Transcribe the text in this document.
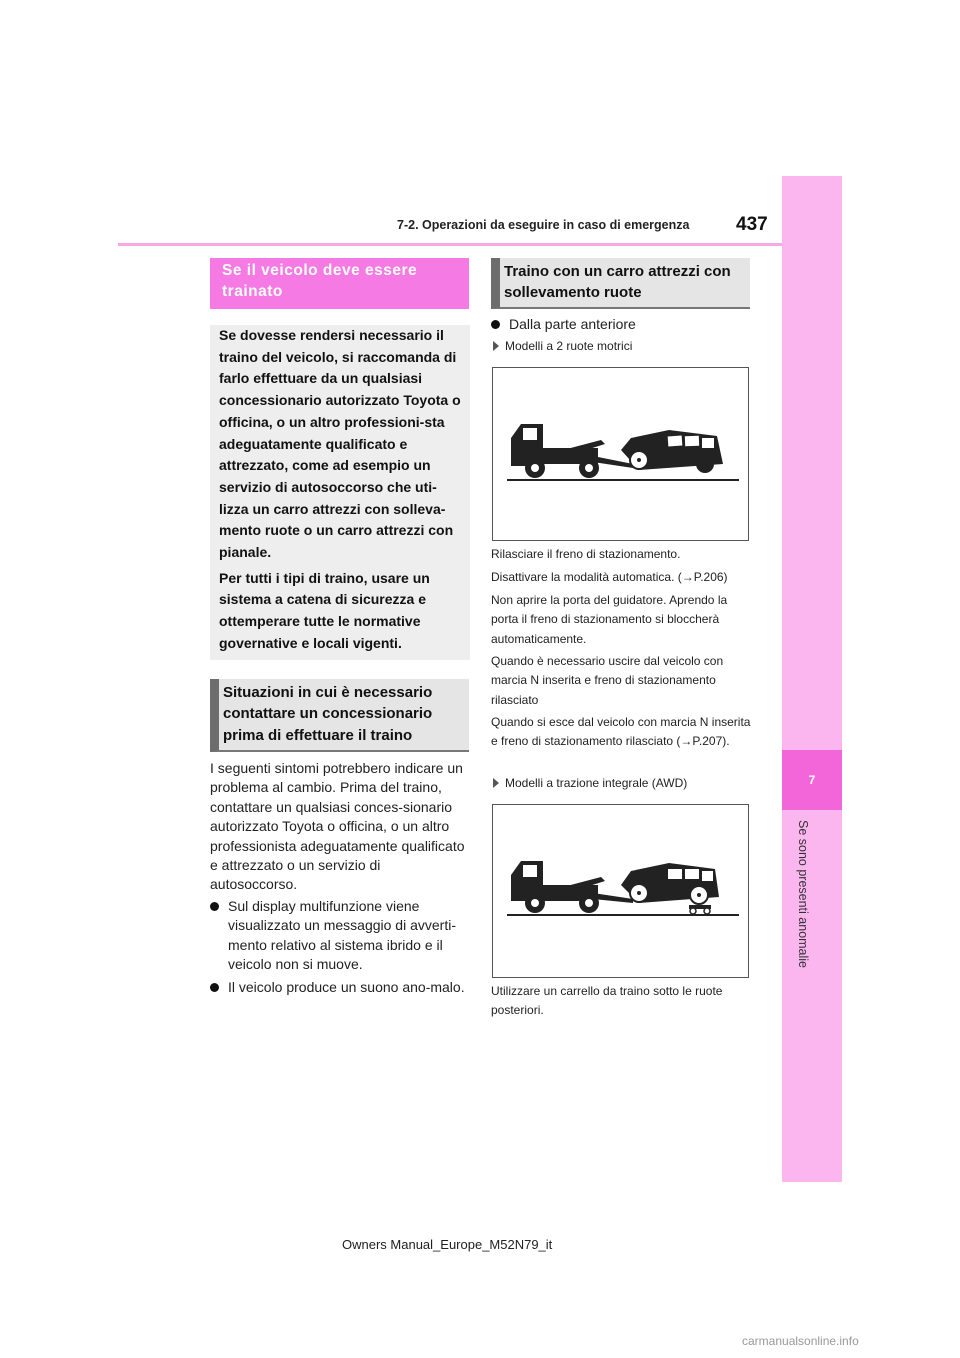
7-2. Operazioni da eseguire in caso di emergenza 437
7
Se sono presenti anomalie
Se il veicolo deve essere trainato

Se dovesse rendersi necessario il traino del veicolo, si raccomanda di farlo effettuare da un qualsiasi concessionario autorizzato Toyota o officina, o un altro professioni-sta adeguatamente qualificato e attrezzato, come ad esempio un servizio di autosoccorso che uti-lizza un carro attrezzi con solleva-mento ruote o un carro attrezzi con pianale.

Per tutti i tipi di traino, usare un sistema a catena di sicurezza e ottemperare tutte le normative governative e locali vigenti.

Situazioni in cui è necessario contattare un concessionario prima di effettuare il traino
I seguenti sintomi potrebbero indicare un problema al cambio. Prima del traino, contattare un qualsiasi conces-sionario autorizzato Toyota o officina, o un altro professionista adeguatamente qualificato e attrezzato o un servizio di autosoccorso.
Sul display multifunzione viene visualizzato un messaggio di avverti-mento relativo al sistema ibrido e il veicolo non si muove.
Il veicolo produce un suono ano-malo.
Traino con un carro attrezzi con sollevamento ruote
Dalla parte anteriore
Modelli a 2 ruote motrici
Rilasciare il freno di stazionamento.
Disattivare la modalità automatica. (→P.206)
Non aprire la porta del guidatore. Aprendo la porta il freno di stazionamento si bloccherà automaticamente.
Quando è necessario uscire dal veicolo con marcia N inserita e freno di stazionamento rilasciato
Quando si esce dal veicolo con marcia N inserita e freno di stazionamento rilasciato (→P.207).
Modelli a trazione integrale (AWD)
Utilizzare un carrello da traino sotto le ruote posteriori.
Owners Manual_Europe_M52N79_it
carmanualsonline.info
